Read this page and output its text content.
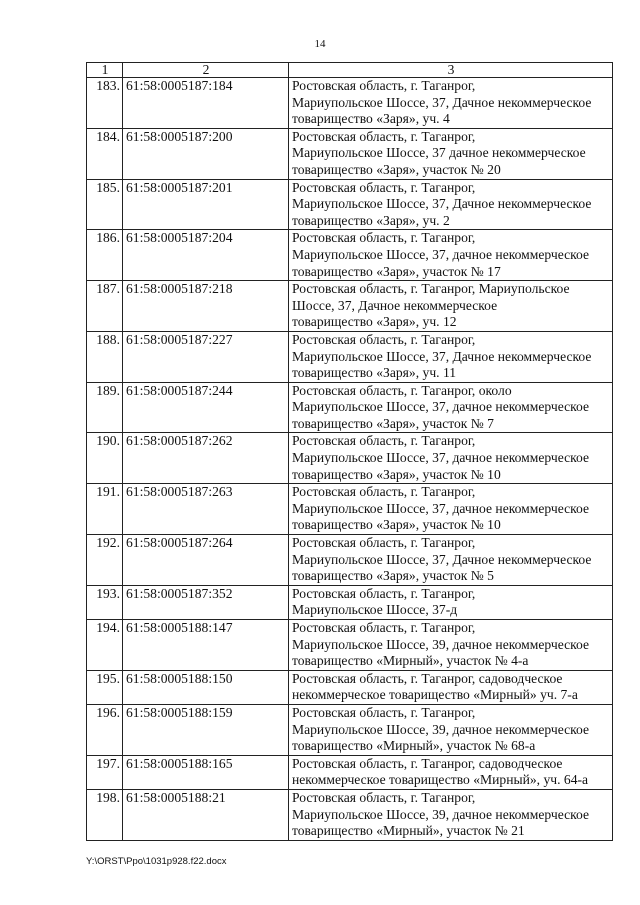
14
1	2	3
183.	61:58:0005187:184	Ростовская область, г. Таганрог,
Мариупольское Шоссе, 37, Дачное некоммерческое
товарищество «Заря», уч. 4

184.	61:58:0005187:200	Ростовская область, г. Таганрог,
Мариупольское Шоссе, 37 дачное некоммерческое
товарищество «Заря», участок № 20

185.	61:58:0005187:201	Ростовская область, г. Таганрог,
Мариупольское Шоссе, 37, Дачное некоммерческое
товарищество «Заря», уч. 2

186.	61:58:0005187:204	Ростовская область, г. Таганрог,
Мариупольское Шоссе, 37, дачное некоммерческое
товарищество «Заря», участок № 17

187.	61:58:0005187:218	Ростовская область, г. Таганрог, Мариупольское
Шоссе, 37, Дачное некоммерческое
товарищество «Заря», уч. 12

188.	61:58:0005187:227	Ростовская область, г. Таганрог,
Мариупольское Шоссе, 37, Дачное некоммерческое
товарищество «Заря», уч. 11

189.	61:58:0005187:244	Ростовская область, г. Таганрог, около
Мариупольское Шоссе, 37, дачное некоммерческое
товарищество «Заря», участок № 7

190.	61:58:0005187:262	Ростовская область, г. Таганрог,
Мариупольское Шоссе, 37, дачное некоммерческое
товарищество «Заря», участок № 10

191.	61:58:0005187:263	Ростовская область, г. Таганрог,
Мариупольское Шоссе, 37, дачное некоммерческое
товарищество «Заря», участок № 10

192.	61:58:0005187:264	Ростовская область, г. Таганрог,
Мариупольское Шоссе, 37, Дачное некоммерческое
товарищество «Заря», участок № 5

193.	61:58:0005187:352	Ростовская область, г. Таганрог,
Мариупольское Шоссе, 37-д

194.	61:58:0005188:147	Ростовская область, г. Таганрог,
Мариупольское Шоссе, 39, дачное некоммерческое
товарищество «Мирный», участок № 4-а

195.	61:58:0005188:150	Ростовская область, г. Таганрог, садоводческое
некоммерческое товарищество «Мирный» уч. 7-а

196.	61:58:0005188:159	Ростовская область, г. Таганрог,
Мариупольское Шоссе, 39, дачное некоммерческое
товарищество «Мирный», участок № 68-а

197.	61:58:0005188:165	Ростовская область, г. Таганрог, садоводческое
некоммерческое товарищество «Мирный», уч. 64-а

198.	61:58:0005188:21	Ростовская область, г. Таганрог,
Мариупольское Шоссе, 39, дачное некоммерческое
товарищество «Мирный», участок № 21
Y:\ORST\Ppo\1031p928.f22.docx
